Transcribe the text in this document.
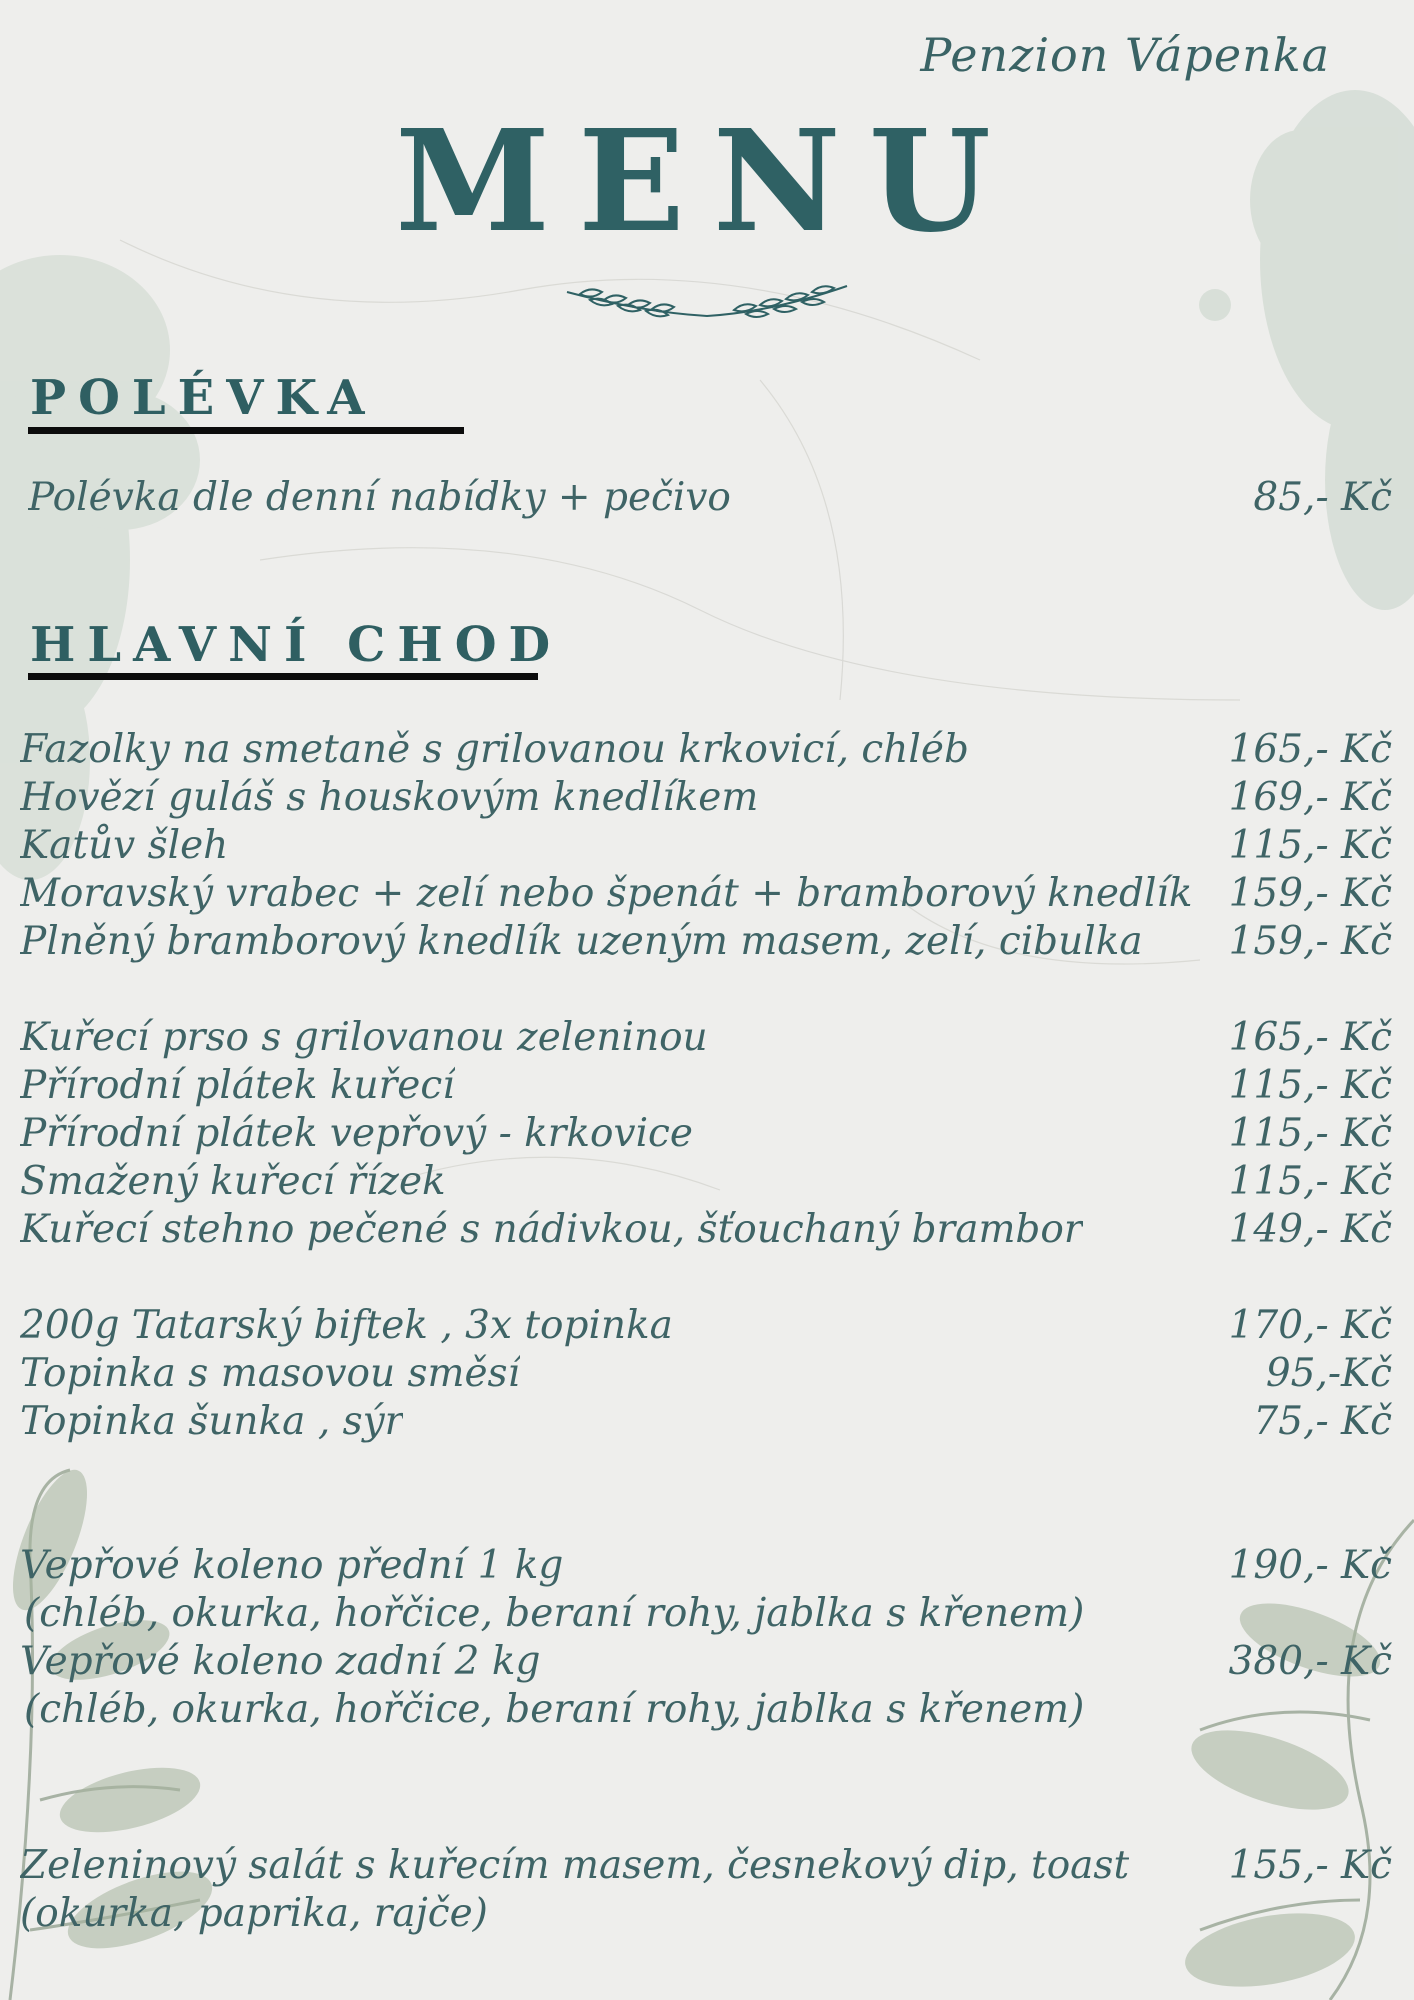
Penzion Vápenka
MENU
POLÉVKA
Polévka dle denní nabídky + pečivo	85,- Kč
HLAVNÍ CHOD
Fazolky na smetaně s grilovanou krkovicí, chléb	165,- Kč
Hovězí guláš s houskovým knedlíkem	169,- Kč
Katův šleh	115,- Kč
Moravský vrabec + zelí nebo špenát + bramborový knedlík 159,- Kč
Plněný bramborový knedlík uzeným masem, zelí, cibulka	159,- Kč
Kuřecí prso s grilovanou zeleninou	165,- Kč
Přírodní plátek kuřecí	115,- Kč
Přírodní plátek vepřový - krkovice	115,- Kč
Smažený kuřecí řízek	115,- Kč
Kuřecí stehno pečené s nádivkou, šťouchaný brambor	149,- Kč
200g Tatarský biftek , 3x topinka	170,- Kč
Topinka s masovou směsí	95,-Kč
Topinka šunka , sýr	75,- Kč
Vepřové koleno přední 1 kg	190,- Kč
(chléb, okurka, hořčice, beraní rohy, jablka s křenem)
Vepřové koleno zadní 2 kg	380,- Kč
(chléb, okurka, hořčice, beraní rohy, jablka s křenem)
Zeleninový salát s kuřecím masem, česnekový dip, toast	155,- Kč
(okurka, paprika, rajče)
